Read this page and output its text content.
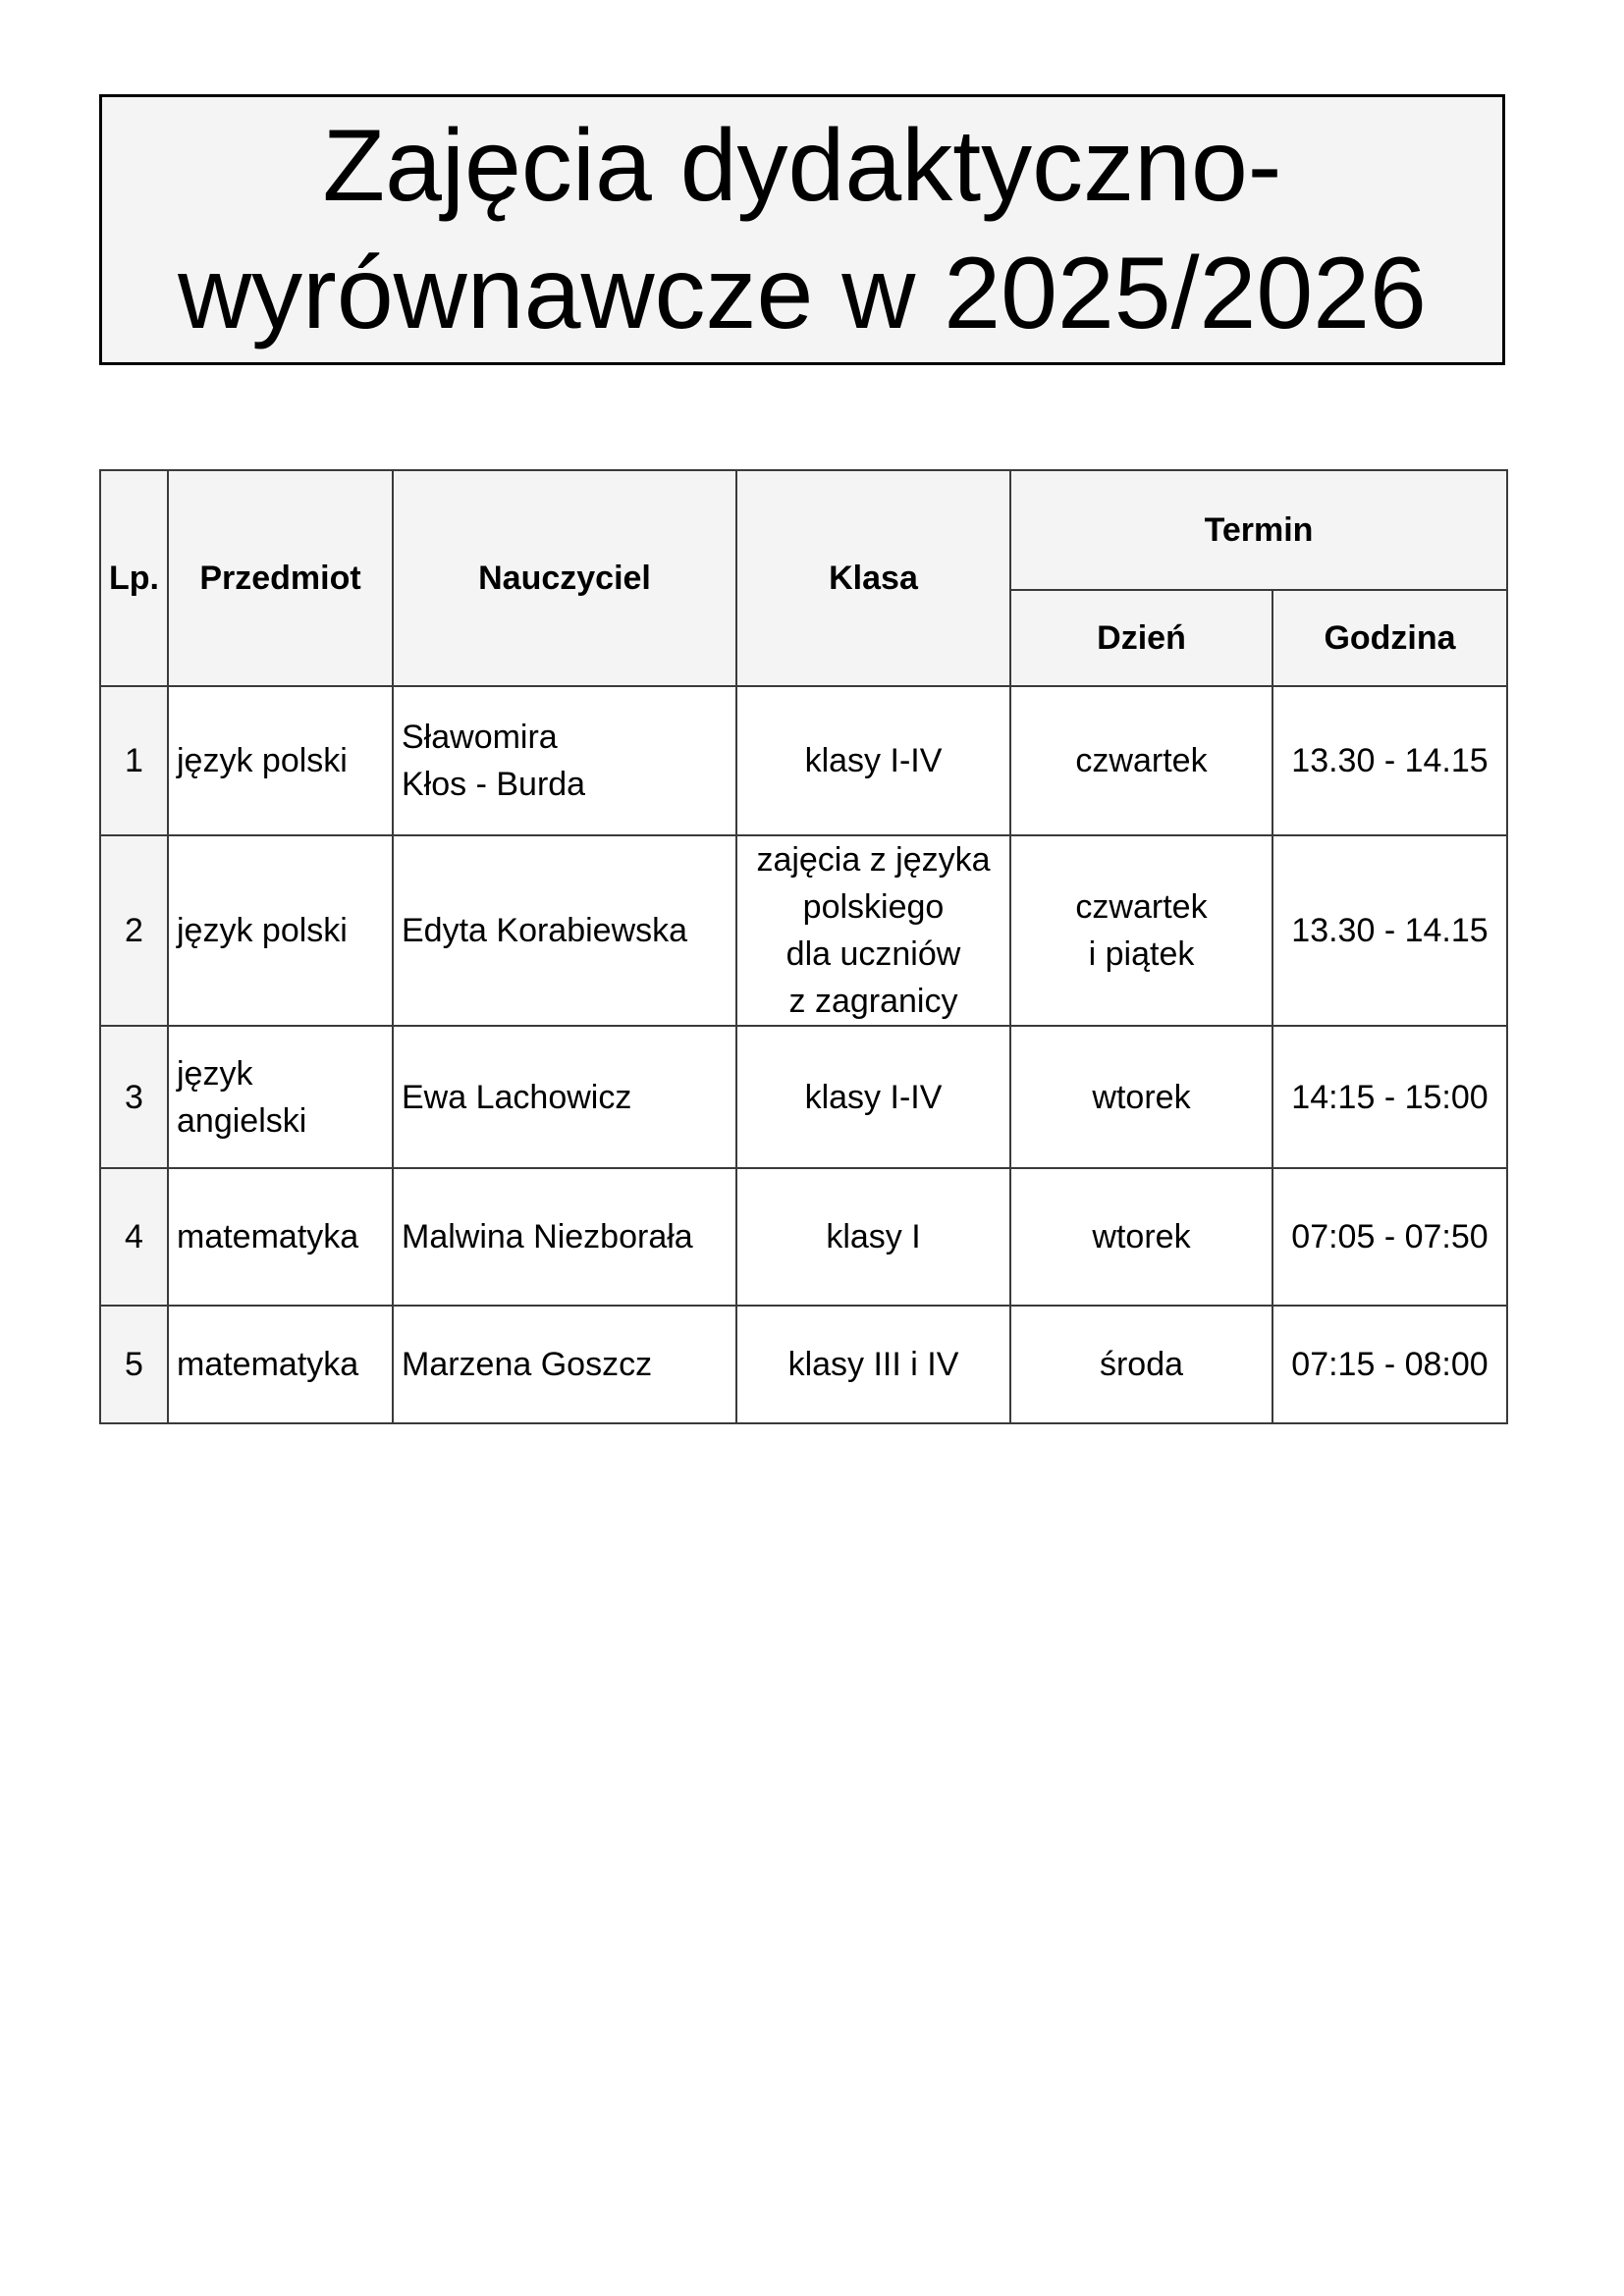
Zajęcia dydaktyczno-
wyrównawcze w 2025/2026
Lp.	Przedmiot	Nauczyciel	Klasa	Termin	
				Dzień	Godzina
1	język polski	Sławomira
Kłos - Burda	klasy I-IV	czwartek	13.30 - 14.15
2	język polski	Edyta Korabiewska	zajęcia z języka
polskiego
dla uczniów
z zagranicy	czwartek
i piątek	13.30 - 14.15
3	język
angielski	Ewa Lachowicz	klasy I-IV	wtorek	14:15 - 15:00
4	matematyka	Malwina Niezborała	klasy I	wtorek	07:05 - 07:50
5	matematyka	Marzena Goszcz	klasy III i IV	środa	07:15 - 08:00
